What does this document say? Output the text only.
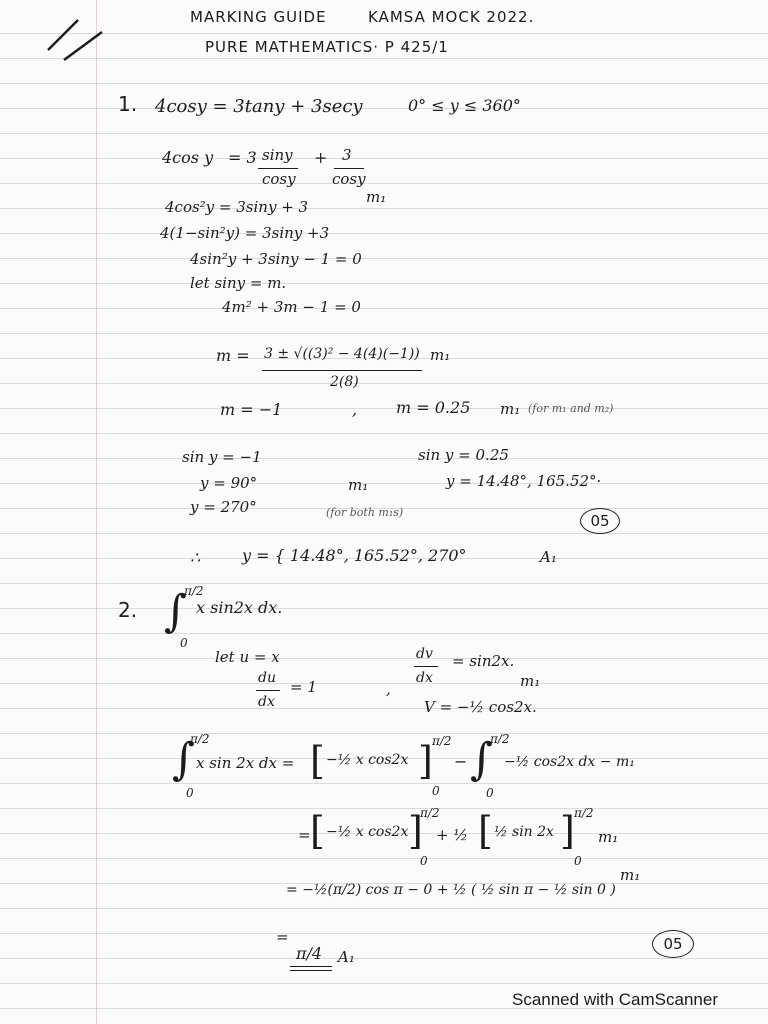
MARKING GUIDE	KAMSA MOCK 2022.
PURE MATHEMATICS· P 425/1
1. 4cosy = 3tany + 3secy	0° ≤ y ≤ 360°
4cos y = 3 siny
cosy
+ 3
cosy
m₁
4cos²y = 3siny + 3
4(1−sin²y) = 3siny +3
4sin²y + 3siny − 1 = 0
let siny = m.
4m² + 3m − 1 = 0
m = 3 ± √((3)² − 4(4)(−1))
2(8)
m₁
m = −1	, m = 0.25 m₁ (for m₁ and m₂)
sin y = −1
y = 90°
y = 270°
m₁
(for both m₁s)
sin y = 0.25
y = 14.48°, 165.52°·
05
∴	y = { 14.48°, 165.52°, 270°	A₁
2. ∫
π/2
0
x sin2x dx.
let u = x
du
dx
= 1	,
dv
dx
= sin2x.
m₁
V = −½ cos2x.
∫
π/2
0
x sin 2x dx = [ −½ x cos2x ] π/2
0
− ∫
π/2
0
−½ cos2x dx − m₁
= [ −½ x cos2x ]
π/2
0
+ ½ [ ½ sin 2x ] π/2
0
m₁
= −½(π/2) cos π − 0 + ½ ( ½ sin π − ½ sin 0 )
m₁
=
π/4 A₁
05
Scanned with CamScanner
